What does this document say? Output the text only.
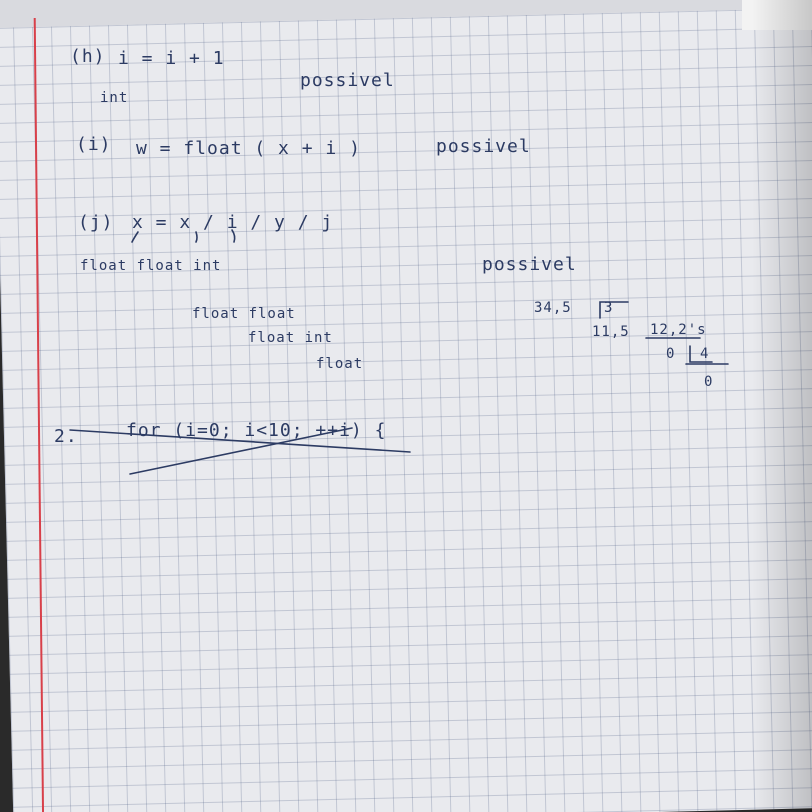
(h) i = i + 1
int
possivel
(i) w = float ( x + i )	possivel
(j) x = x / i / y / j
float float int	possivel
float float
float int
float
34,5 3
11,5 12,2's
0 4
0
2.	for (i=0; i<10; ++i) {
